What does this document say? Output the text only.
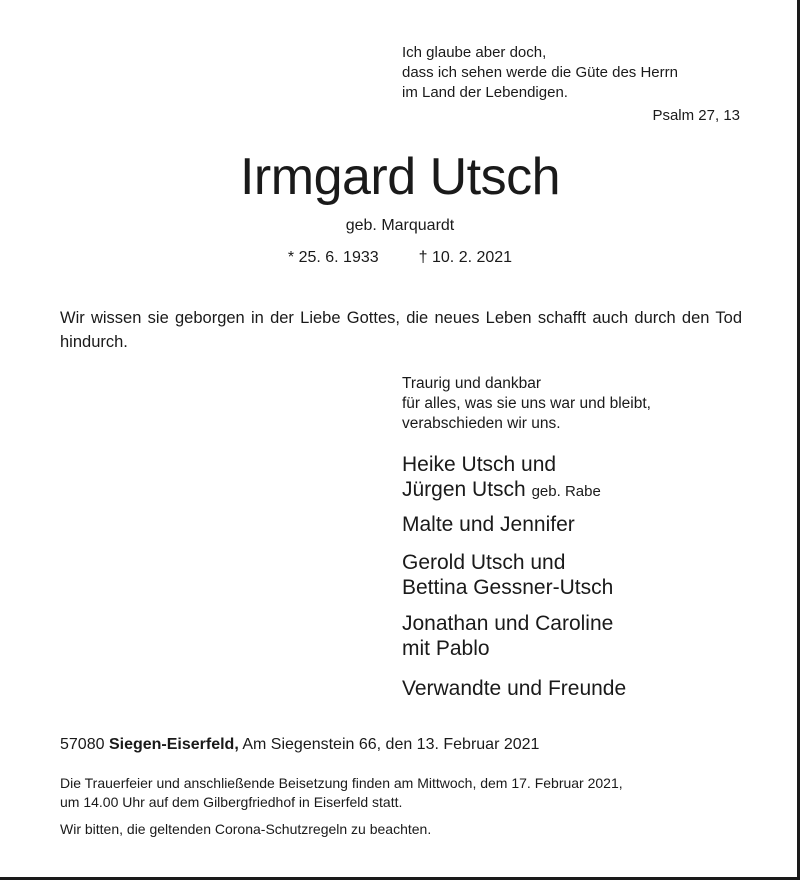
Ich glaube aber doch,
dass ich sehen werde die Güte des Herrn
im Land der Lebendigen.
Psalm 27, 13
Irmgard Utsch
geb. Marquardt
* 25. 6. 1933	† 10. 2. 2021
Wir wissen sie geborgen in der Liebe Gottes, die neues Leben schafft auch durch den Tod hindurch.
Traurig und dankbar
für alles, was sie uns war und bleibt,
verabschieden wir uns.
Heike Utsch und
Jürgen Utsch geb. Rabe
Malte und Jennifer
Gerold Utsch und
Bettina Gessner-Utsch
Jonathan und Caroline
mit Pablo
Verwandte und Freunde
57080 Siegen-Eiserfeld, Am Siegenstein 66, den 13. Februar 2021
Die Trauerfeier und anschließende Beisetzung finden am Mittwoch, dem 17. Februar 2021,
um 14.00 Uhr auf dem Gilbergfriedhof in Eiserfeld statt.
Wir bitten, die geltenden Corona-Schutzregeln zu beachten.
